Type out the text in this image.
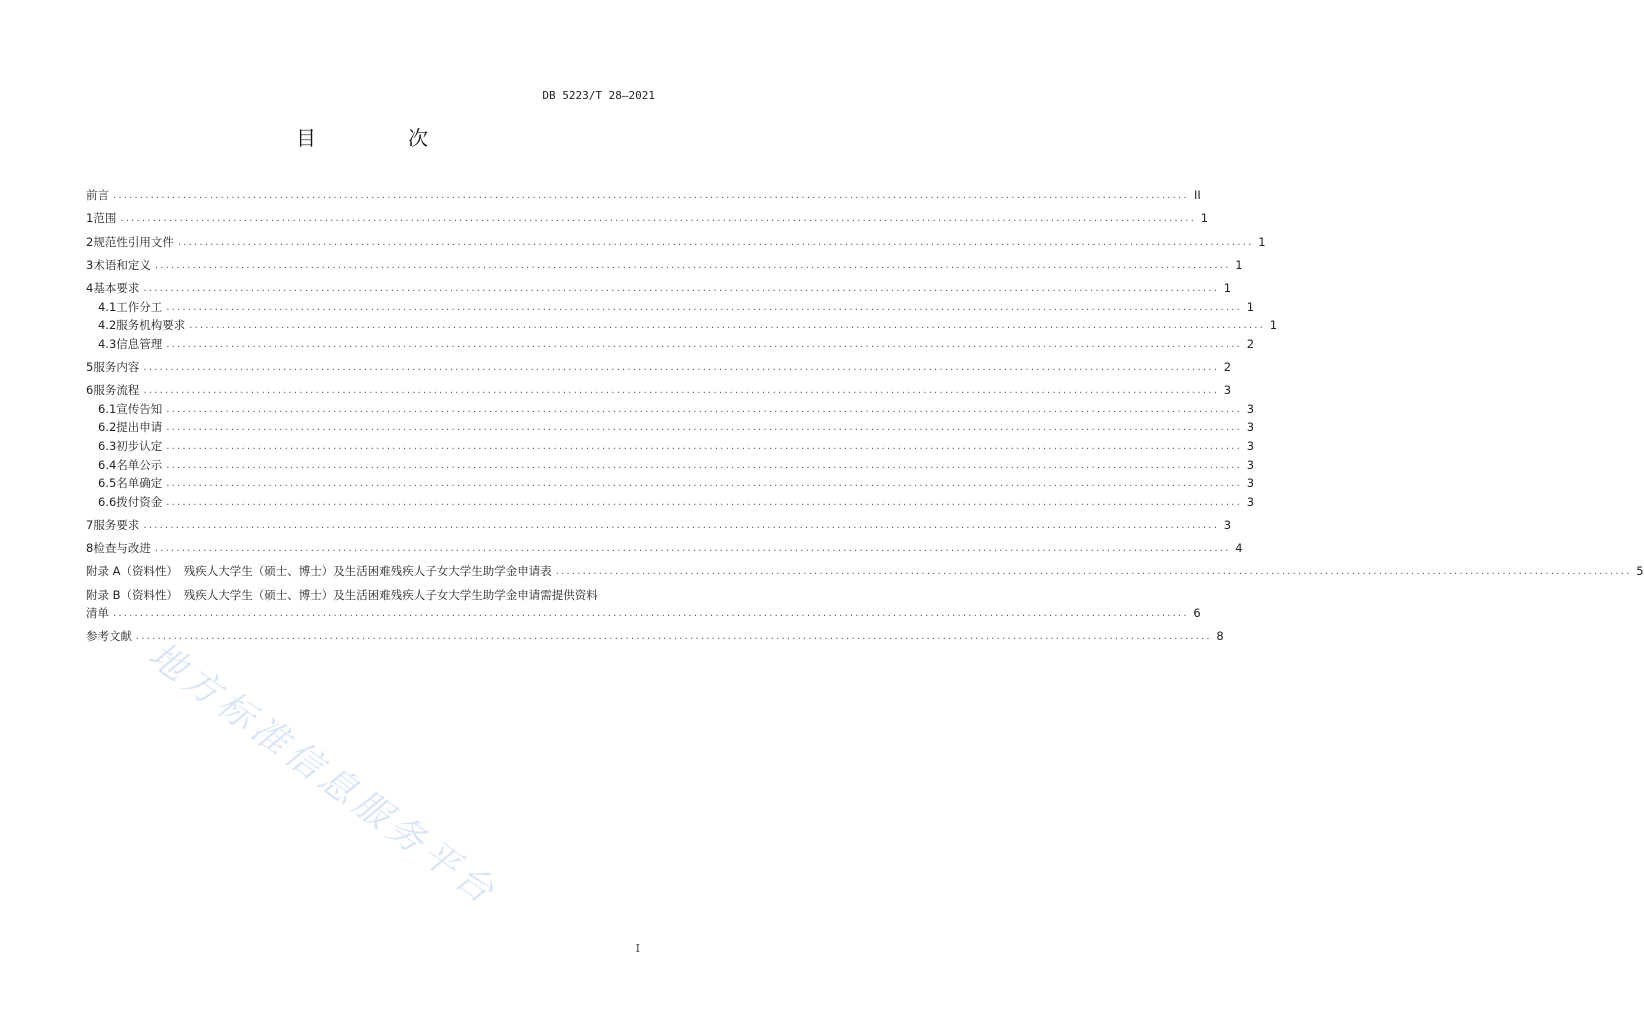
DB 5223/T 28—2021
目　次
前言 ........................................................................................................................................................................................................ II
1 范围 ........................................................................................................................................................................................................ 1
2 规范性引用文件 ........................................................................................................................................................................................................ 1
3 术语和定义 ........................................................................................................................................................................................................ 1
4 基本要求 ........................................................................................................................................................................................................ 1
4.1 工作分工 ........................................................................................................................................................................................................ 1
4.2 服务机构要求 ........................................................................................................................................................................................................ 1
4.3 信息管理 ........................................................................................................................................................................................................ 2
5 服务内容 ........................................................................................................................................................................................................ 2
6 服务流程 ........................................................................................................................................................................................................ 3
6.1 宣传告知 ........................................................................................................................................................................................................ 3
6.2 提出申请 ........................................................................................................................................................................................................ 3
6.3 初步认定 ........................................................................................................................................................................................................ 3
6.4 名单公示 ........................................................................................................................................................................................................ 3
6.5 名单确定 ........................................................................................................................................................................................................ 3
6.6 拨付资金 ........................................................................................................................................................................................................ 3
7 服务要求 ........................................................................................................................................................................................................ 3
8 检查与改进 ........................................................................................................................................................................................................ 4
附录 A（资料性）　残疾人大学生（硕士、博士）及生活困难残疾人子女大学生助学金申请表 ........................................................................................................................................................................................................ 5
附录 B（资料性）　残疾人大学生（硕士、博士）及生活困难残疾人子女大学生助学金申请需提供资料
清单 ........................................................................................................................................................................................................ 6
参考文献 ........................................................................................................................................................................................................ 8
地方标准信息服务平台
I
